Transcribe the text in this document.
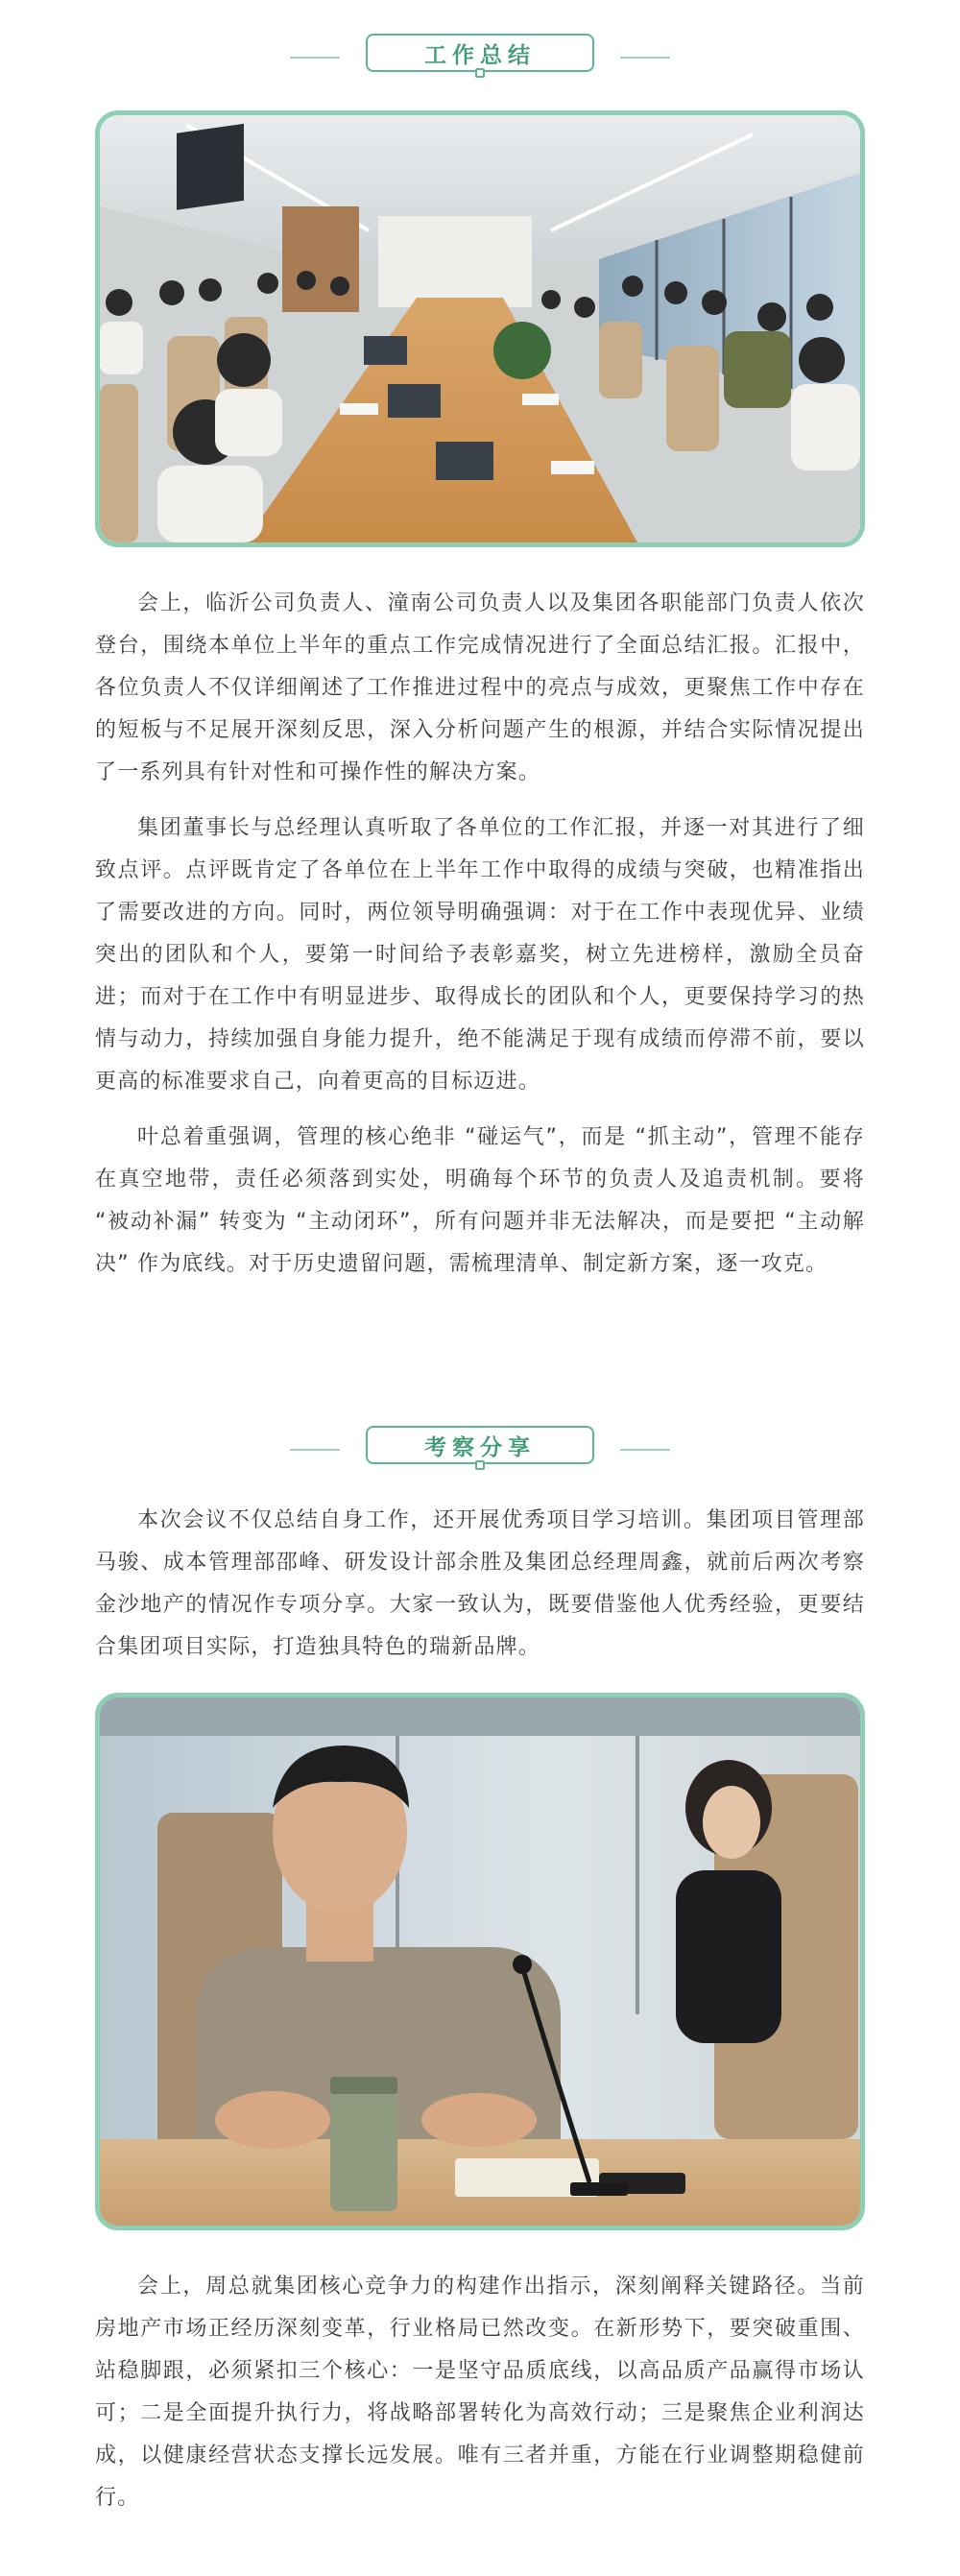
工作总结

会上，临沂公司负责人、潼南公司负责人以及集团各职能部门负责人依次登台，围绕本单位上半年的重点工作完成情况进行了全面总结汇报。汇报中，各位负责人不仅详细阐述了工作推进过程中的亮点与成效，更聚焦工作中存在的短板与不足展开深刻反思，深入分析问题产生的根源，并结合实际情况提出了一系列具有针对性和可操作性的解决方案。

集团董事长与总经理认真听取了各单位的工作汇报，并逐一对其进行了细致点评。点评既肯定了各单位在上半年工作中取得的成绩与突破，也精准指出了需要改进的方向。同时，两位领导明确强调：对于在工作中表现优异、业绩突出的团队和个人，要第一时间给予表彰嘉奖，树立先进榜样，激励全员奋进；而对于在工作中有明显进步、取得成长的团队和个人，更要保持学习的热情与动力，持续加强自身能力提升，绝不能满足于现有成绩而停滞不前，要以更高的标准要求自己，向着更高的目标迈进。

叶总着重强调，管理的核心绝非 “碰运气”，而是 “抓主动”，管理不能存在真空地带，责任必须落到实处，明确每个环节的负责人及追责机制。要将 “被动补漏” 转变为 “主动闭环”，所有问题并非无法解决，而是要把 “主动解决” 作为底线。对于历史遗留问题，需梳理清单、制定新方案，逐一攻克。

考察分享

本次会议不仅总结自身工作，还开展优秀项目学习培训。集团项目管理部马骏、成本管理部邵峰、研发设计部余胜及集团总经理周鑫，就前后两次考察金沙地产的情况作专项分享。大家一致认为，既要借鉴他人优秀经验，更要结合集团项目实际，打造独具特色的瑞新品牌。

会上，周总就集团核心竞争力的构建作出指示，深刻阐释关键路径。当前房地产市场正经历深刻变革，行业格局已然改变。在新形势下，要突破重围、站稳脚跟，必须紧扣三个核心：一是坚守品质底线，以高品质产品赢得市场认可；二是全面提升执行力，将战略部署转化为高效行动；三是聚焦企业利润达成，以健康经营状态支撑长远发展。唯有三者并重，方能在行业调整期稳健前行。
